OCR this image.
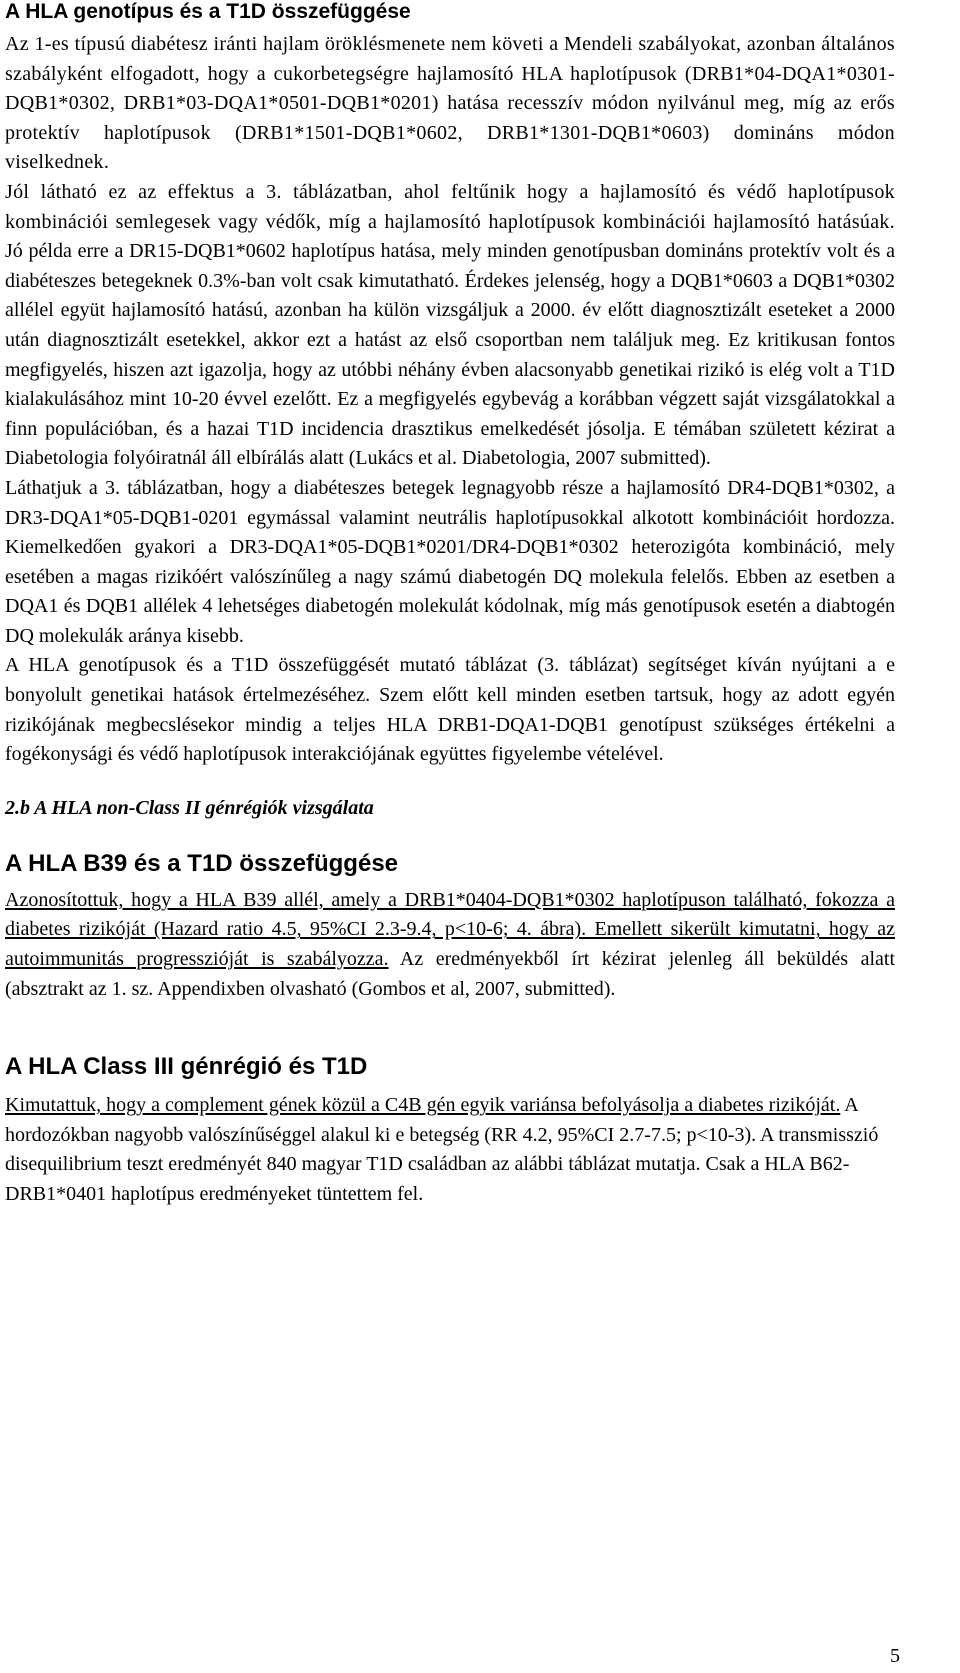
A HLA genotípus és a T1D összefüggése

Az 1-es típusú diabétesz iránti hajlam öröklésmenete nem követi a Mendeli szabályokat, azonban általános szabályként elfogadott, hogy a cukorbetegségre hajlamosító HLA haplotípusok (DRB1*04-DQA1*0301-DQB1*0302, DRB1*03-DQA1*0501-DQB1*0201) hatása recesszív módon nyilvánul meg, míg az erős protektív haplotípusok (DRB1*1501-DQB1*0602, DRB1*1301-DQB1*0603) domináns módon viselkednek.

Jól látható ez az effektus a 3. táblázatban, ahol feltűnik hogy a hajlamosító és védő haplotípusok kombinációi semlegesek vagy védők, míg a hajlamosító haplotípusok kombinációi hajlamosító hatásúak. Jó példa erre a DR15-DQB1*0602 haplotípus hatása, mely minden genotípusban domináns protektív volt és a diabéteszes betegeknek 0.3%-ban volt csak kimutatható. Érdekes jelenség, hogy a DQB1*0603 a DQB1*0302 allélel együt hajlamosító hatású, azonban ha külön vizsgáljuk a 2000. év előtt diagnosztizált eseteket a 2000 után diagnosztizált esetekkel, akkor ezt a hatást az első csoportban nem találjuk meg. Ez kritikusan fontos megfigyelés, hiszen azt igazolja, hogy az utóbbi néhány évben alacsonyabb genetikai rizikó is elég volt a T1D kialakulásához mint 10-20 évvel ezelőtt. Ez a megfigyelés egybevág a korábban végzett saját vizsgálatokkal a finn populációban, és a hazai T1D incidencia drasztikus emelkedését jósolja. E témában született kézirat a Diabetologia folyóiratnál áll elbírálás alatt (Lukács et al. Diabetologia, 2007 submitted).

Láthatjuk a 3. táblázatban, hogy a diabéteszes betegek legnagyobb része a hajlamosító DR4-DQB1*0302, a DR3-DQA1*05-DQB1-0201 egymással valamint neutrális haplotípusokkal alkotott kombinációit hordozza. Kiemelkedően gyakori a DR3-DQA1*05-DQB1*0201/DR4-DQB1*0302 heterozigóta kombináció, mely esetében a magas rizikóért valószínűleg a nagy számú diabetogén DQ molekula felelős. Ebben az esetben a DQA1 és DQB1 allélek 4 lehetséges diabetogén molekulát kódolnak, míg más genotípusok esetén a diabtogén DQ molekulák aránya kisebb.

A HLA genotípusok és a T1D összefüggését mutató táblázat (3. táblázat) segítséget kíván nyújtani a e bonyolult genetikai hatások értelmezéséhez. Szem előtt kell minden esetben tartsuk, hogy az adott egyén rizikójának megbecslésekor mindig a teljes HLA DRB1-DQA1-DQB1 genotípust szükséges értékelni a fogékonysági és védő haplotípusok interakciójának együttes figyelembe vételével.

2.b A HLA non-Class II génrégiók vizsgálata

A HLA B39 és a T1D összefüggése

Azonosítottuk, hogy a HLA B39 allél, amely a DRB1*0404-DQB1*0302 haplotípuson található, fokozza a diabetes rizikóját (Hazard ratio 4.5, 95%CI 2.3-9.4, p<10-6; 4. ábra). Emellett sikerült kimutatni, hogy az autoimmunitás progresszióját is szabályozza. Az eredményekből írt kézirat jelenleg áll beküldés alatt (absztrakt az 1. sz. Appendixben olvasható (Gombos et al, 2007, submitted).

A HLA Class III génrégió és T1D

Kimutattuk, hogy a complement gének közül a C4B gén egyik variánsa befolyásolja a diabetes rizikóját. A hordozókban nagyobb valószínűséggel alakul ki e betegség (RR 4.2, 95%CI 2.7-7.5; p<10-3). A transmisszió disequilibrium teszt eredményét 840 magyar T1D családban az alábbi táblázat mutatja. Csak a HLA B62-DRB1*0401 haplotípus eredményeket tüntettem fel.

5
